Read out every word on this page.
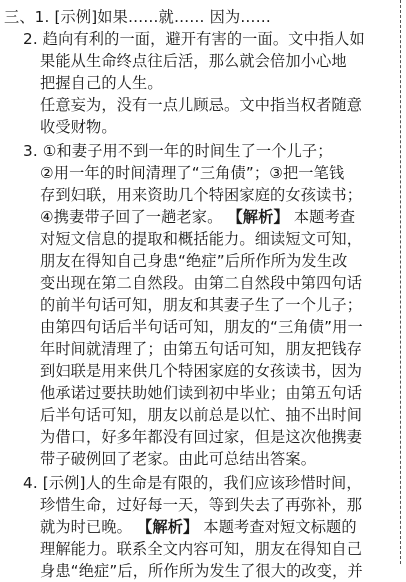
三、1. [示例]如果……就…… 因为……
2. 趋向有利的一面，避开有害的一面。文中指人如
果能从生命终点往后活，那么就会倍加小心地
把握自己的人生。
任意妄为，没有一点儿顾忌。文中指当权者随意
收受财物。
3. ①和妻子用不到一年的时间生了一个儿子；
②用一年的时间清理了“三角债”；③把一笔钱
存到妇联，用来资助几个特困家庭的女孩读书；
④携妻带子回了一趟老家。 【解析】 本题考查
对短文信息的提取和概括能力。细读短文可知，
朋友在得知自己身患“绝症”后所作所为发生改
变出现在第二自然段。由第二自然段中第四句话
的前半句话可知，朋友和其妻子生了一个儿子；
由第四句话后半句话可知，朋友的“三角债”用一
年时间就清理了；由第五句话可知，朋友把钱存
到妇联是用来供几个特困家庭的女孩读书，因为
他承诺过要扶助她们读到初中毕业；由第五句话
后半句话可知，朋友以前总是以忙、抽不出时间
为借口，好多年都没有回过家，但是这次他携妻
带子破例回了老家。由此可总结出答案。
4. [示例]人的生命是有限的，我们应该珍惜时间，
珍惜生命，过好每一天，等到失去了再弥补，那
就为时已晚。 【解析】 本题考查对短文标题的
理解能力。联系全文内容可知，朋友在得知自己
身患“绝症”后，所作所为发生了很大的改变，并
